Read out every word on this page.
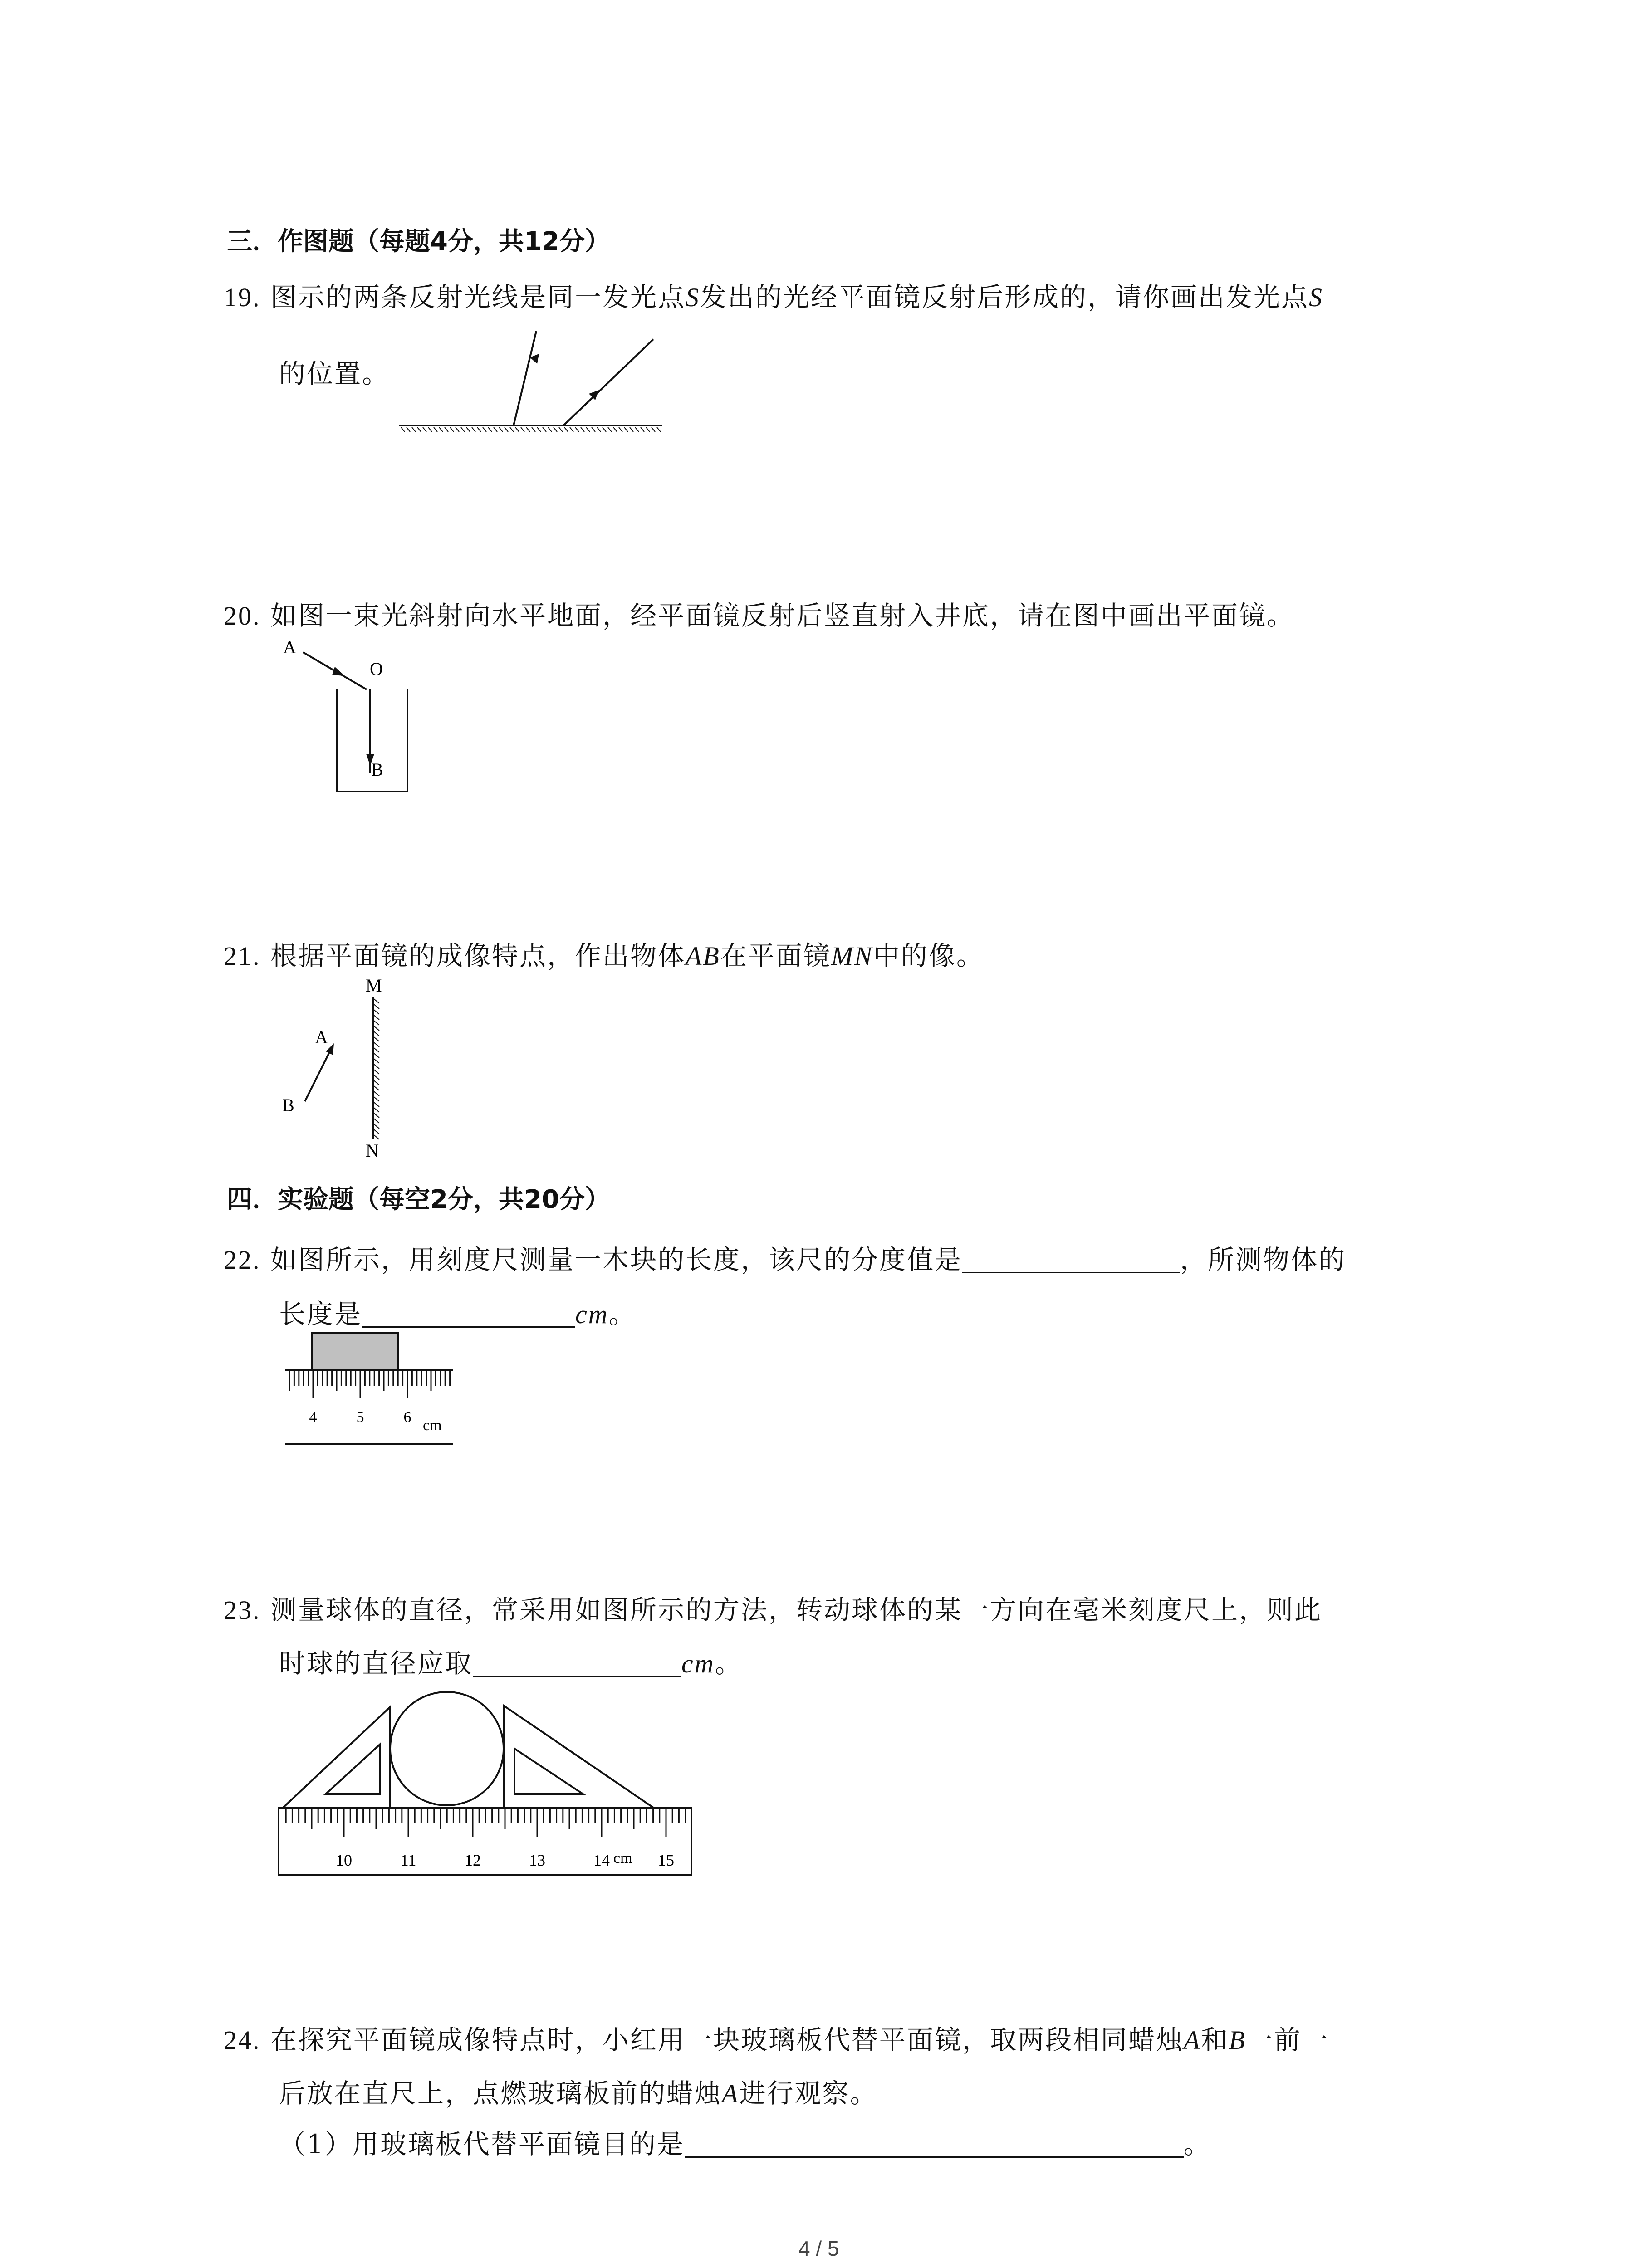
三．作图题（每题4分，共12分）
19. 图示的两条反射光线是同一发光点S发出的光经平面镜反射后形成的，请你画出发光点S
的位置。
20. 如图一束光斜射向水平地面，经平面镜反射后竖直射入井底，请在图中画出平面镜。
A
O
B
21. 根据平面镜的成像特点，作出物体AB在平面镜MN中的像。
M
N
A
B
四．实验题（每空2分，共20分）
22. 如图所示，用刻度尺测量一木块的长度，该尺的分度值是	，所测物体的
长度是	cm。
4	5	6 cm
23. 测量球体的直径，常采用如图所示的方法，转动球体的某一方向在毫米刻度尺上，则此
时球的直径应取	cm。
10	11	12	13	14 cm 15
24. 在探究平面镜成像特点时，小红用一块玻璃板代替平面镜，取两段相同蜡烛A和B一前一
后放在直尺上，点燃玻璃板前的蜡烛A进行观察。
（1）用玻璃板代替平面镜目的是	。
4 / 5
